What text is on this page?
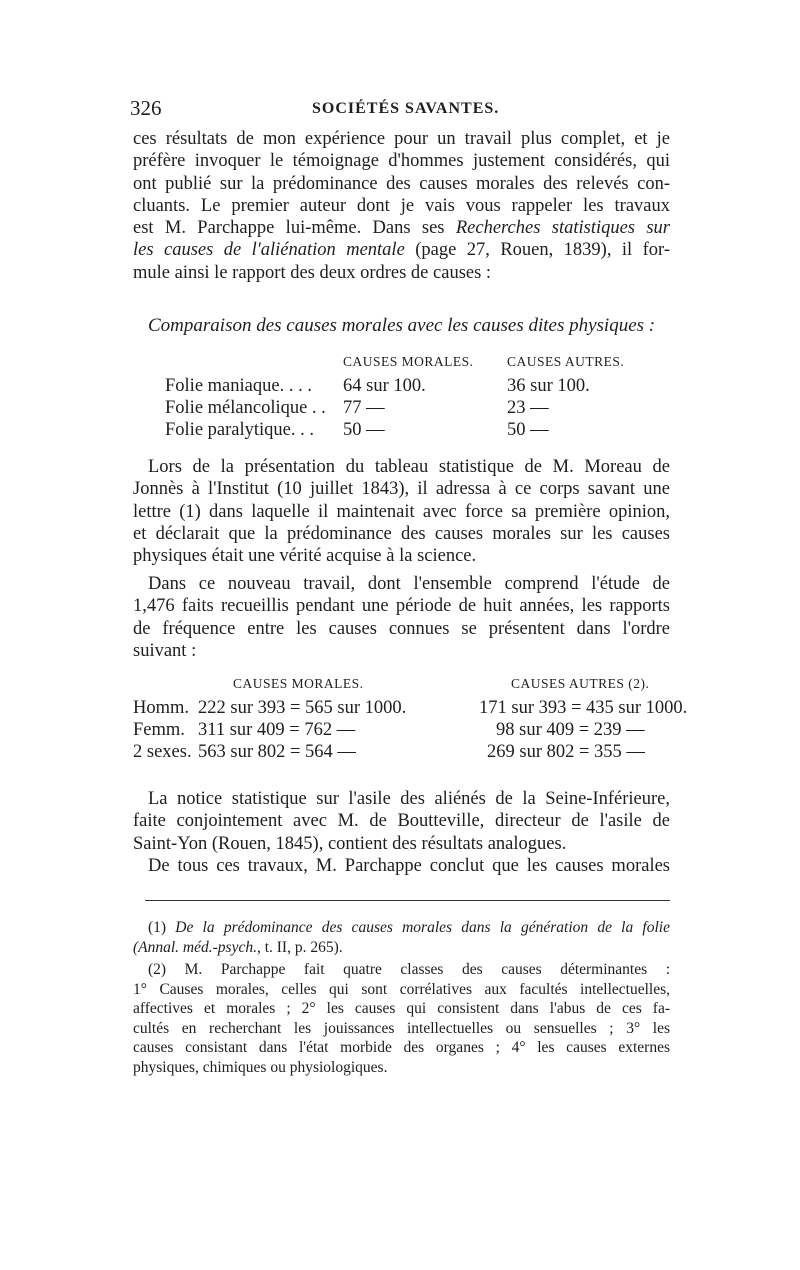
326	SOCIÉTÉS SAVANTES.
ces résultats de mon expérience pour un travail plus complet, et je
préfère invoquer le témoignage d'hommes justement considérés, qui
ont publié sur la prédominance des causes morales des relevés con-
cluants. Le premier auteur dont je vais vous rappeler les travaux
est M. Parchappe lui-même. Dans ses Recherches statistiques sur
les causes de l'aliénation mentale (page 27, Rouen, 1839), il for-
mule ainsi le rapport des deux ordres de causes :
Comparaison des causes morales avec les causes dites physiques :
	CAUSES MORALES.	CAUSES AUTRES.
Folie maniaque. . . .	64 sur 100.	36 sur 100.
Folie mélancolique . .	77 —	23 —
Folie paralytique. . .	50 —	50 —
Lors de la présentation du tableau statistique de M. Moreau de
Jonnès à l'Institut (10 juillet 1843), il adressa à ce corps savant une
lettre (1) dans laquelle il maintenait avec force sa première opinion,
et déclarait que la prédominance des causes morales sur les causes
physiques était une vérité acquise à la science.
Dans ce nouveau travail, dont l'ensemble comprend l'étude de
1,476 faits recueillis pendant une période de huit années, les rapports
de fréquence entre les causes connues se présentent dans l'ordre
suivant :
	CAUSES MORALES.	CAUSES AUTRES (2).
Homm.	222 sur 393 = 565 sur 1000.	171 sur 393 = 435 sur 1000.
Femm.	311 sur 409 = 762 —	98 sur 409 = 239 —
2 sexes.	563 sur 802 = 564 —	269 sur 802 = 355 —
La notice statistique sur l'asile des aliénés de la Seine-Inférieure,
faite conjointement avec M. de Boutteville, directeur de l'asile de
Saint-Yon (Rouen, 1845), contient des résultats analogues.
De tous ces travaux, M. Parchappe conclut que les causes morales
(1) De la prédominance des causes morales dans la génération de la folie
(Annal. méd.-psych., t. II, p. 265).
(2) M. Parchappe fait quatre classes des causes déterminantes :
1° Causes morales, celles qui sont corrélatives aux facultés intellectuelles,
affectives et morales ; 2° les causes qui consistent dans l'abus de ces fa-
cultés en recherchant les jouissances intellectuelles ou sensuelles ; 3° les
causes consistant dans l'état morbide des organes ; 4° les causes externes
physiques, chimiques ou physiologiques.
